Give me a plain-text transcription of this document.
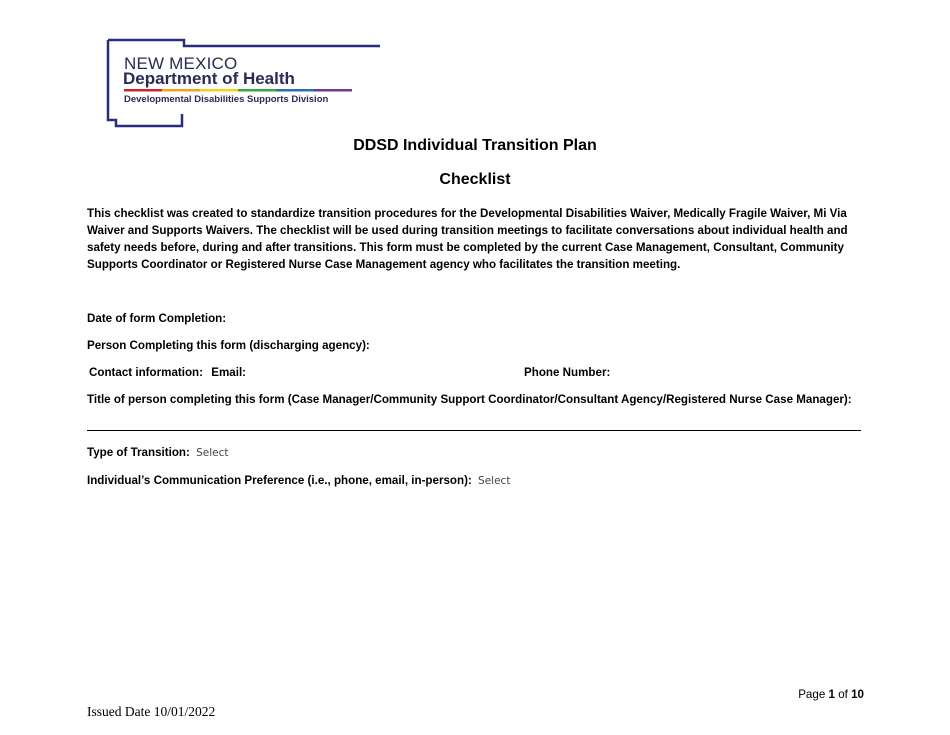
NEW MEXICO
Department of Health
Developmental Disabilities Supports Division
DDSD Individual Transition Plan
Checklist
This checklist was created to standardize transition procedures for the Developmental Disabilities Waiver, Medically Fragile Waiver, Mi Via Waiver and Supports Waivers. The checklist will be used during transition meetings to facilitate conversations about individual health and safety needs before, during and after transitions. This form must be completed by the current Case Management, Consultant, Community Supports Coordinator or Registered Nurse Case Management agency who facilitates the transition meeting.
Date of form Completion:
Person Completing this form (discharging agency):
Contact information: Email:	Phone Number:
Title of person completing this form (Case Manager/Community Support Coordinator/Consultant Agency/Registered Nurse Case Manager):
Type of Transition: Select
Individual’s Communication Preference (i.e., phone, email, in-person): Select
Page 1 of 10
Issued Date 10/01/2022
